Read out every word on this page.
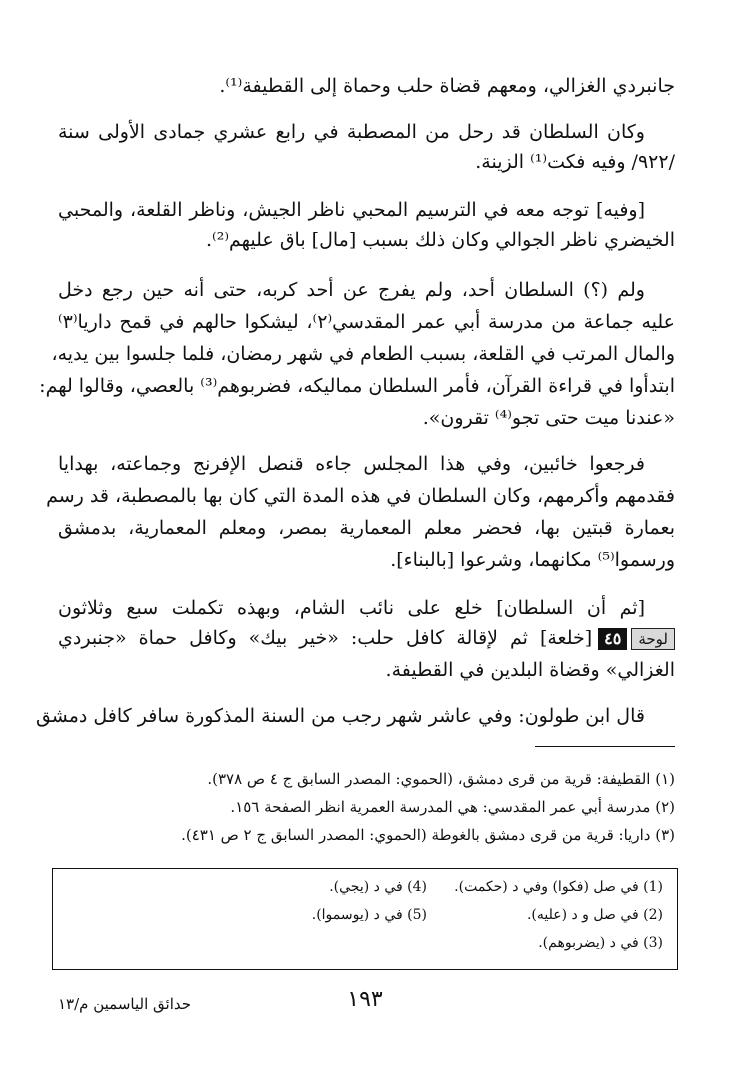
جانبردي الغزالي، ومعهم قضاة حلب وحماة إلى القطيفة⁽¹⁾.
وكان السلطان قد رحل من المصطبة في رابع عشري جمادى الأولى سنة
/٩٢٢/ وفيه فكت⁽¹⁾ الزينة.
[وفيه] توجه معه في الترسيم المحبي ناظر الجيش، وناظر القلعة، والمحبي
الخيضري ناظر الجوالي وكان ذلك بسبب [مال] باق عليهم⁽²⁾.
ولم (؟) السلطان أحد، ولم يفرج عن أحد كربه، حتى أنه حين رجع دخل
عليه جماعة من مدرسة أبي عمر المقدسي⁽٢⁾، ليشكوا حالهم في قمح داريا⁽٣⁾
والمال المرتب في القلعة، بسبب الطعام في شهر رمضان، فلما جلسوا بين يديه،
ابتدأوا في قراءة القرآن، فأمر السلطان مماليكه، فضربوهم⁽³⁾ بالعصي، وقالوا لهم:
«عندنا ميت حتى تجو⁽⁴⁾ تقرون».
فرجعوا خائبين، وفي هذا المجلس جاءه قنصل الإفرنج وجماعته، بهدايا
فقدمهم وأكرمهم، وكان السلطان في هذه المدة التي كان بها بالمصطبة، قد رسم
بعمارة قبتين بها، فحضر معلم المعمارية بمصر، ومعلم المعمارية، بدمشق
ورسموا⁽⁵⁾ مكانهما، وشرعوا [بالبناء].
[ثم أن السلطان] خلع على نائب الشام، وبهذه تكملت سبع وثلاثون
لوحة٤٥[خلعة] ثم لإقالة كافل حلب: «خير بيك» وكافل حماة «جنبردي
الغزالي» وقضاة البلدين في القطيفة.
قال ابن طولون: وفي عاشر شهر رجب من السنة المذكورة سافر كافل دمشق
(١) القطيفة: قرية من قرى دمشق، (الحموي: المصدر السابق ج ٤ ص ٣٧٨).
(٢) مدرسة أبي عمر المقدسي: هي المدرسة العمرية انظر الصفحة ١٥٦.
(٣) داريا: قرية من قرى دمشق بالغوطة (الحموي: المصدر السابق ج ٢ ص ٤٣١).
(1) في صل (فكوا) وفي د (حكمت).
(2) في صل و د (عليه).
(3) في د (يضربوهم).
(4) في د (يجي).
(5) في د (يوسموا).
١٩٣
حدائق الياسمين م/١٣
